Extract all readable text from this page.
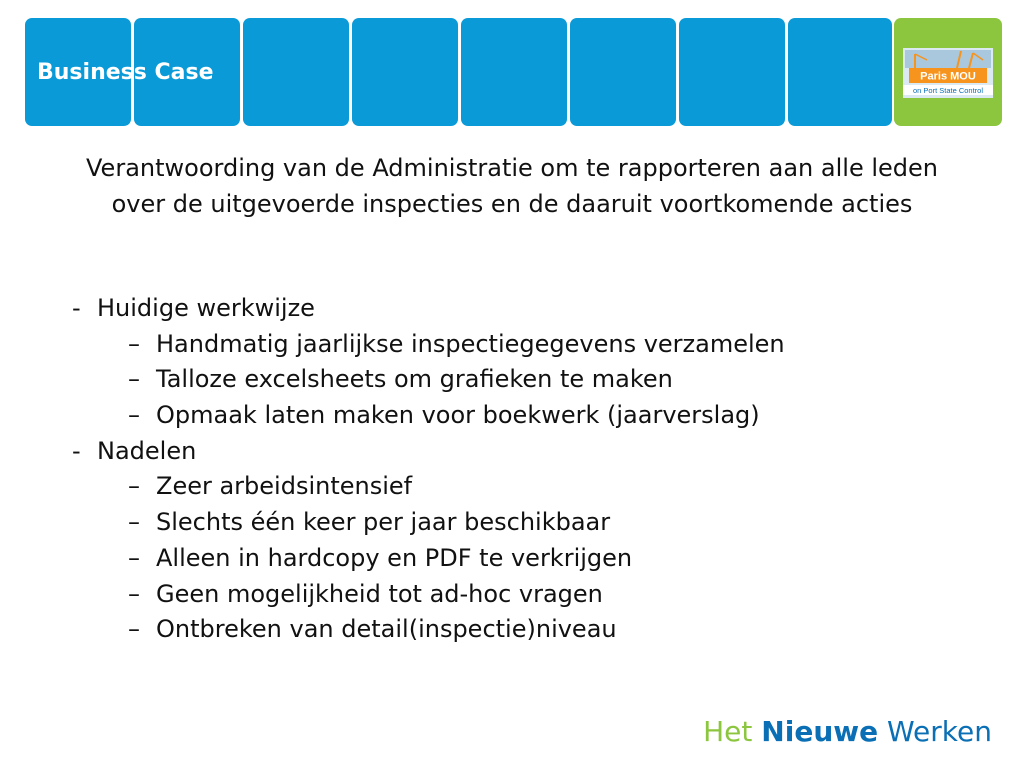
Business Case	Paris MOU
on Port State Control
Verantwoording van de Administratie om te rapporteren aan alle leden over de uitgevoerde inspecties en de daaruit voortkomende acties
- Huidige werkwijze
– Handmatig jaarlijkse inspectiegegevens verzamelen
– Talloze excelsheets om grafieken te maken
– Opmaak laten maken voor boekwerk (jaarverslag)
- Nadelen
– Zeer arbeidsintensief
– Slechts één keer per jaar beschikbaar
– Alleen in hardcopy en PDF te verkrijgen
– Geen mogelijkheid tot ad-hoc vragen
– Ontbreken van detail(inspectie)niveau
Het Nieuwe Werken
